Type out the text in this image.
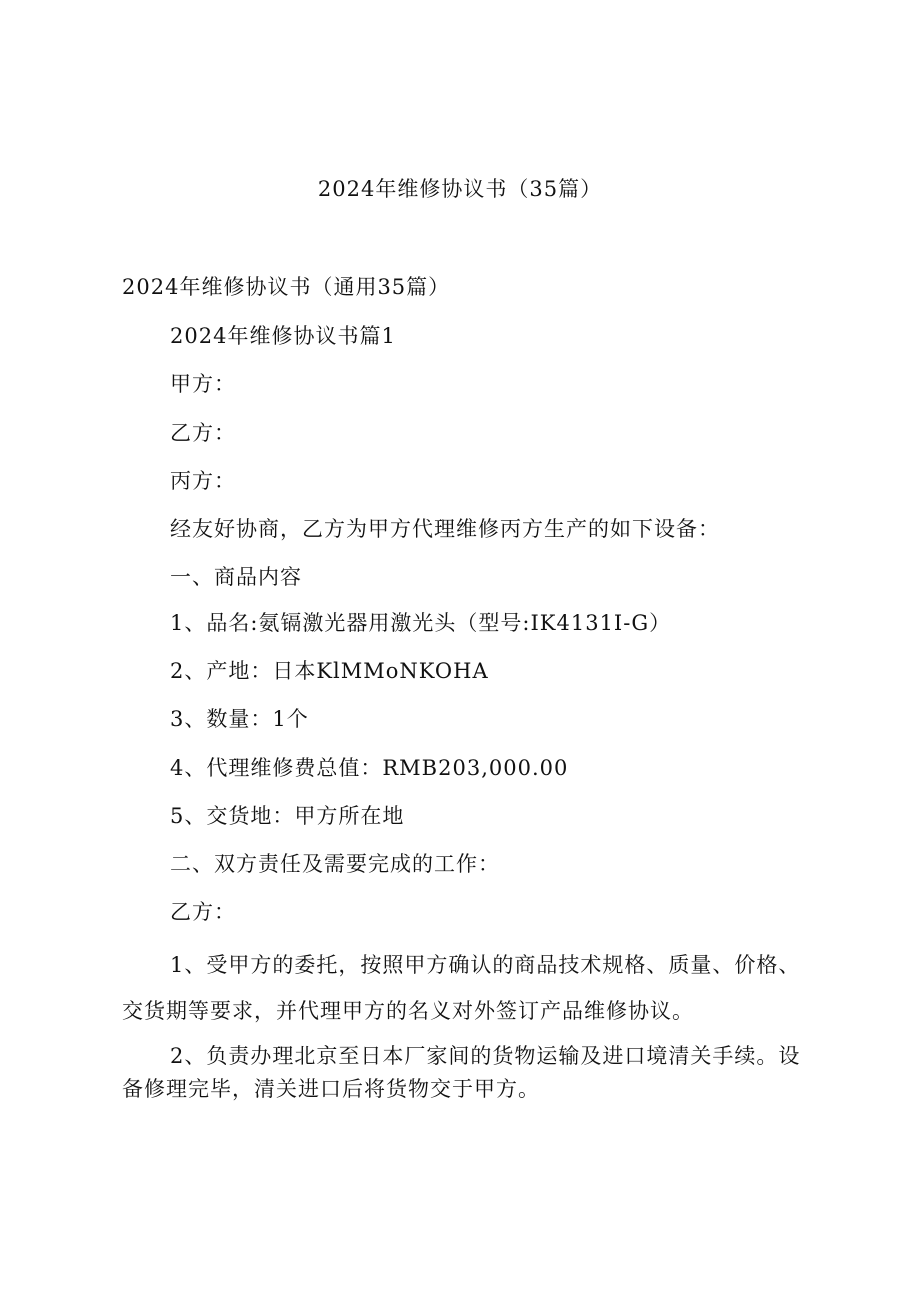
2024年维修协议书（35篇）
2024年维修协议书（通用35篇）
2024年维修协议书篇1
甲方：
乙方：
丙方：
经友好协商，乙方为甲方代理维修丙方生产的如下设备：
一、商品内容
1、品名:氨镉激光器用激光头（型号:IK4131I-G）
2、产地：日本KlMMoNKOHA
3、数量：1个
4、代理维修费总值：RMB203,000.00
5、交货地：甲方所在地
二、双方责任及需要完成的工作：
乙方：
1、受甲方的委托，按照甲方确认的商品技术规格、质量、价格、交货期等要求，并代理甲方的名义对外签订产品维修协议。
2、负责办理北京至日本厂家间的货物运输及进口境清关手续。设备修理完毕，清关进口后将货物交于甲方。
